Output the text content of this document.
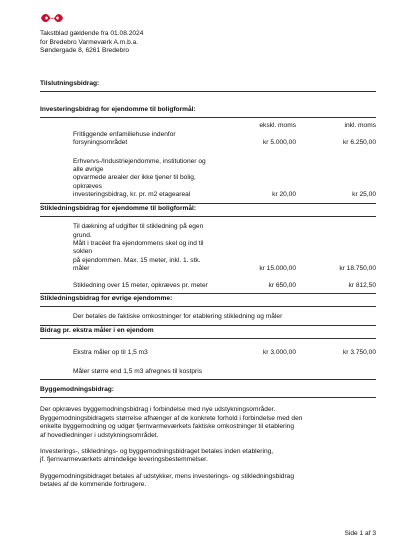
Takstblad gældende fra 01.08.2024
for Bredebro Varmeværk A.m.b.a.
Søndergade 8, 6261 Bredebro
Tilslutningsbidrag:
Investeringsbidrag for ejendomme til boligformål:
ekskl. moms	inkl. moms
Fritliggende enfamiliehuse indenfor forsyningsområdet	kr 5.000,00	kr 6.250,00
Erhvervs-/Industriejendomme, institutioner og alle øvrige
opvarmede arealer der ikke tjener til bolig, opkræves
investeringsbidrag, kr. pr. m2 etageareal	kr 20,00	kr 25,00
Stikledningsbidrag for ejendomme til boligformål:
Til dækning af udgifter til stikledning på egen grund.
Målt i tracéet fra ejendommens skel og ind til soklen
på ejendommen. Max. 15 meter, inkl. 1. stk. måler	kr 15.000,00	kr 18.750,00
Stikledning over 15 meter, opkræves pr. meter	kr 650,00	kr 812,50
Stikledningsbidrag for øvrige ejendomme:
Der betales de faktiske omkostninger for etablering stikledning og måler
Bidrag pr. ekstra måler i en ejendom
Ekstra måler op til 1,5 m3	kr 3.000,00	kr 3.750,00
Måler større end 1,5 m3 afregnes til kostpris
Byggemodningsbidrag:
Der opkræves byggemodningsbidrag i forbindelse med nye udstykningsområder.
Byggemodningsbidragets størrelse afhænger af de konkrete forhold i forbindelse med den
enkelte byggemodning og udgør fjernvarmeværkets faktiske omkostninger til etablering
af hovedledninger i udstykningsområdet.
Investerings-, stiklednings- og byggemodningsbidraget betales inden etablering,
jf. fjernvarmeværkets almindelige leveringsbestemmelser.
Byggemodningsbidraget betales af udstykker, mens investerings- og stikledningsbidrag
betales af de kommende forbrugere.
Side 1 af 3
